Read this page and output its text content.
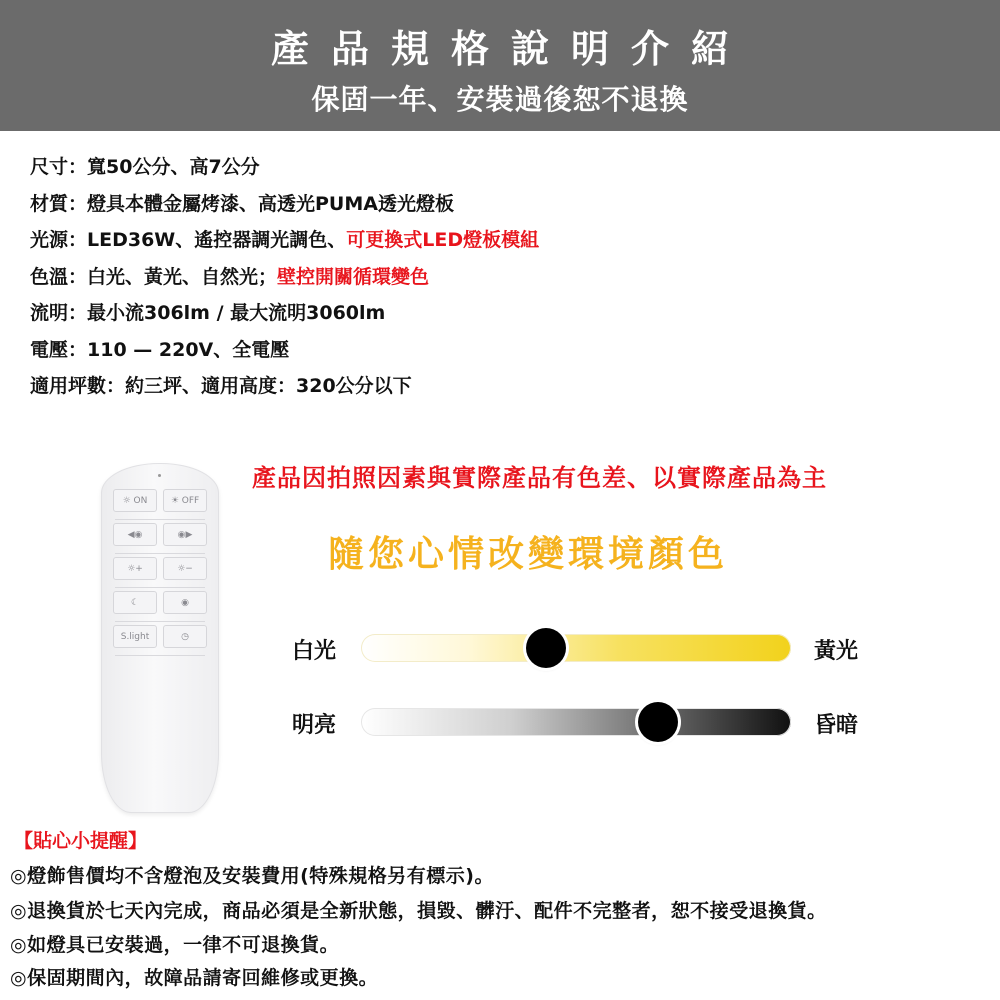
產品規格說明介紹
保固一年、安裝過後恕不退換
尺寸：寬50公分、高7公分
材質：燈具本體金屬烤漆、高透光PUMA透光燈板
光源：LED36W、遙控器調光調色、可更換式LED燈板模組
色溫：白光、黃光、自然光；壁控開關循環變色
流明：最小流306lm / 最大流明3060lm
電壓：110 — 220V、全電壓
適用坪數：約三坪、適用高度：320公分以下
☼ ON	☀ OFF
◀◉	◉▶
☼+	☼−
☾	◉
S.light	◷
產品因拍照因素與實際產品有色差、以實際產品為主
隨您心情改變環境顏色
白光	黃光
明亮	昏暗
【貼心小提醒】
◎燈飾售價均不含燈泡及安裝費用(特殊規格另有標示)。
◎退換貨於七天內完成，商品必須是全新狀態，損毀、髒汙、配件不完整者，恕不接受退換貨。
◎如燈具已安裝過，一律不可退換貨。
◎保固期間內，故障品請寄回維修或更換。
